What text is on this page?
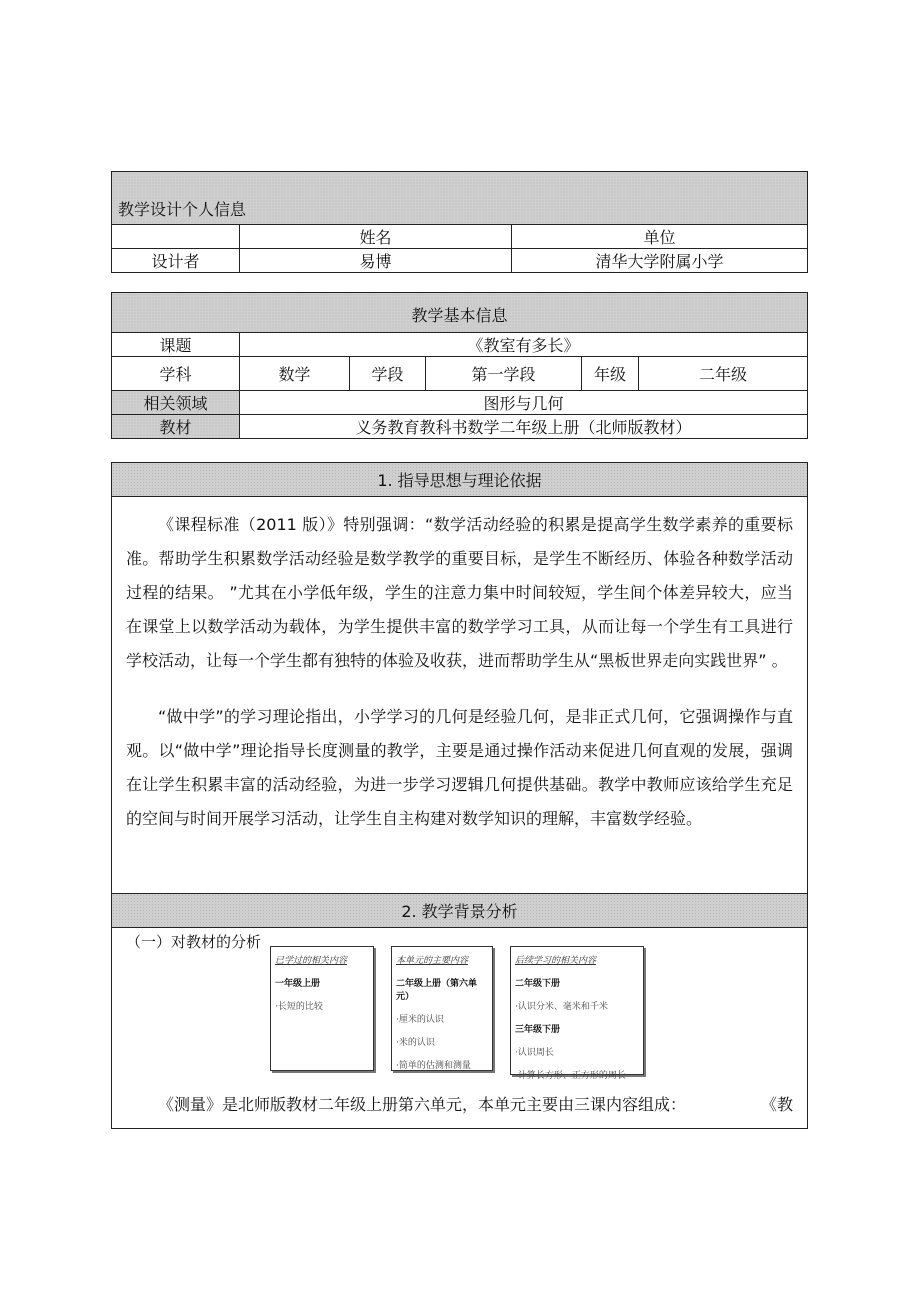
教学设计个人信息		
	姓名	单位
设计者	易博	清华大学附属小学
教学基本信息					
课题	《教室有多长》				
学科	数学	学段	第一学段	年级	二年级
相关领域	图形与几何				
教材	义务教育教科书数学二年级上册（北师版教材）				
1. 指导思想与理论依据

《课程标准（2011 版）》特别强调：“数学活动经验的积累是提高学生数学素养的重要标准。帮助学生积累数学活动经验是数学教学的重要目标，是学生不断经历、体验各种数学活动过程的结果。 ”尤其在小学低年级，学生的注意力集中时间较短，学生间个体差异较大，应当在课堂上以数学活动为载体，为学生提供丰富的数学学习工具，从而让每一个学生有工具进行学校活动，让每一个学生都有独特的体验及收获，进而帮助学生从“黑板世界走向实践世界” 。

“做中学”的学习理论指出，小学学习的几何是经验几何，是非正式几何，它强调操作与直观。以“做中学”理论指导长度测量的教学，主要是通过操作活动来促进几何直观的发展，强调在让学生积累丰富的活动经验，为进一步学习逻辑几何提供基础。教学中教师应该给学生充足的空间与时间开展学习活动，让学生自主构建对数学知识的理解，丰富数学经验。

2. 教学背景分析
（一）对教材的分析
已学过的相关内容
一年级上册
·长短的比较
本单元的主要内容
二年级上册（第六单元）
·厘米的认识
·米的认识
·简单的估测和测量
后续学习的相关内容
二年级下册
·认识分米、毫米和千米
三年级下册
·认识周长
·计算长方形、正方形的周长
《测量》是北师版教材二年级上册第六单元，本单元主要由三课内容组成：	《教
